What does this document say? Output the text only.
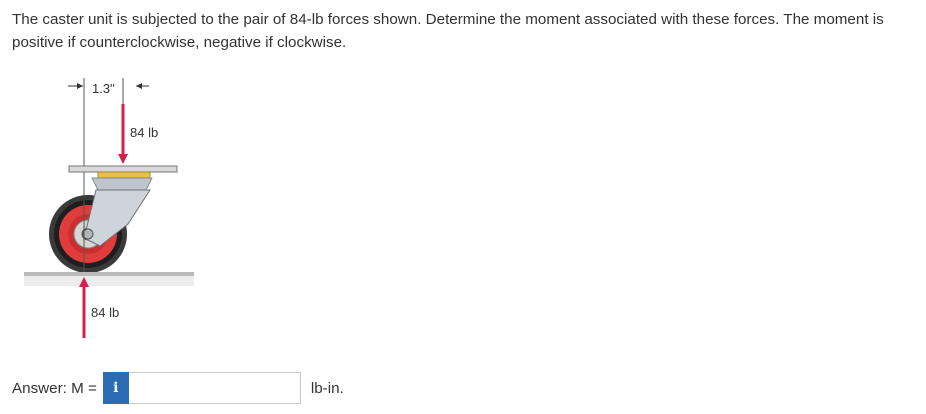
The caster unit is subjected to the pair of 84-lb forces shown. Determine the moment associated with these forces. The moment is positive if counterclockwise, negative if clockwise.

1.3"
84 lb
84 lb
Answer: M = i	lb-in.
